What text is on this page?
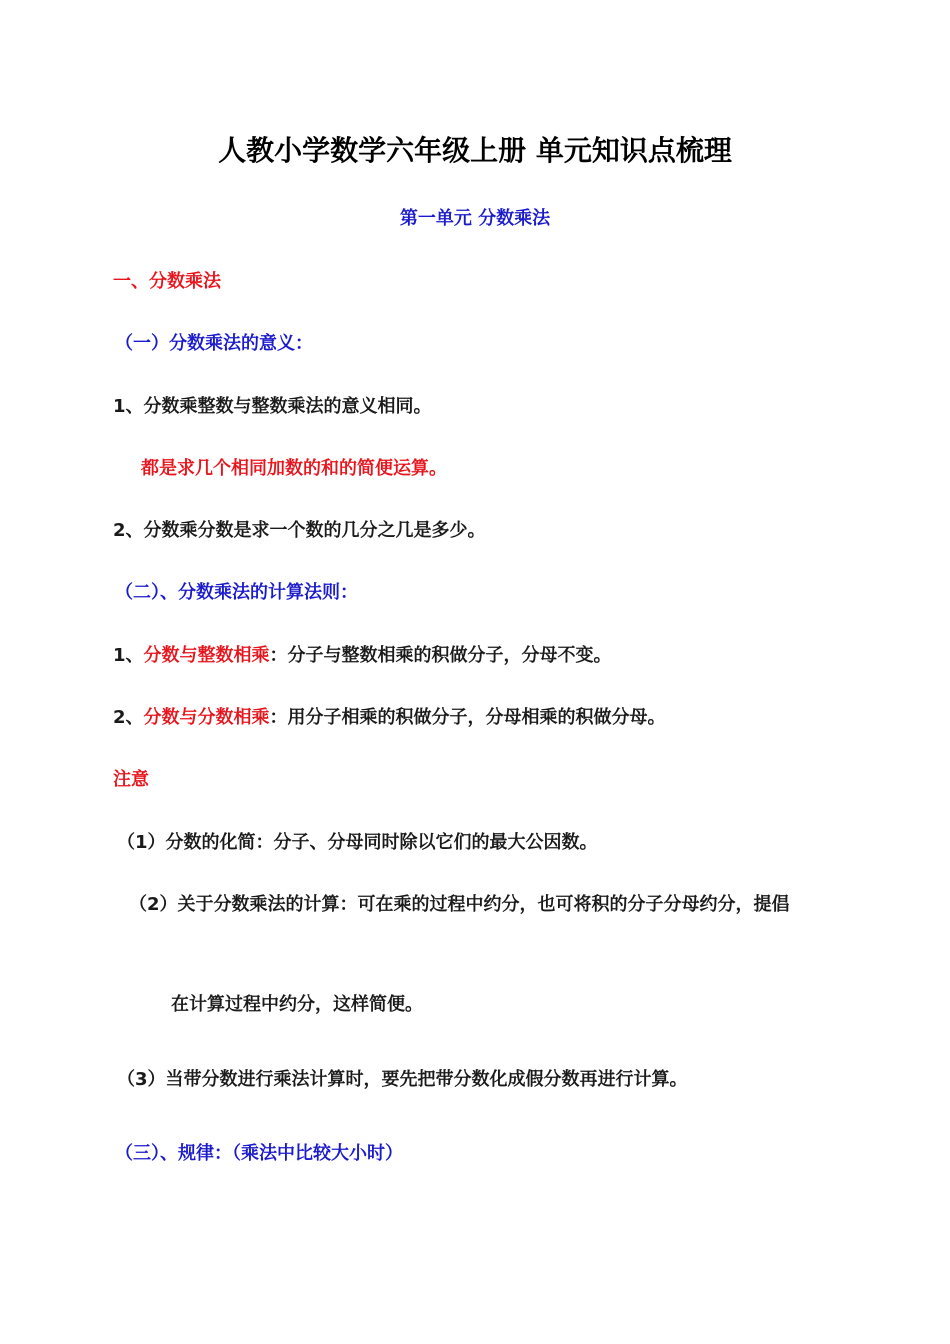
人教小学数学六年级上册 单元知识点梳理
第一单元 分数乘法
一、分数乘法
（一）分数乘法的意义：
1、分数乘整数与整数乘法的意义相同。
都是求几个相同加数的和的简便运算。
2、分数乘分数是求一个数的几分之几是多少。
（二）、分数乘法的计算法则：
1、分数与整数相乘：分子与整数相乘的积做分子，分母不变。
2、分数与分数相乘：用分子相乘的积做分子，分母相乘的积做分母。
注意
（1）分数的化简：分子、分母同时除以它们的最大公因数。
（2）关于分数乘法的计算：可在乘的过程中约分，也可将积的分子分母约分，提倡
在计算过程中约分，这样简便。
（3）当带分数进行乘法计算时，要先把带分数化成假分数再进行计算。
（三）、规律：（乘法中比较大小时）
